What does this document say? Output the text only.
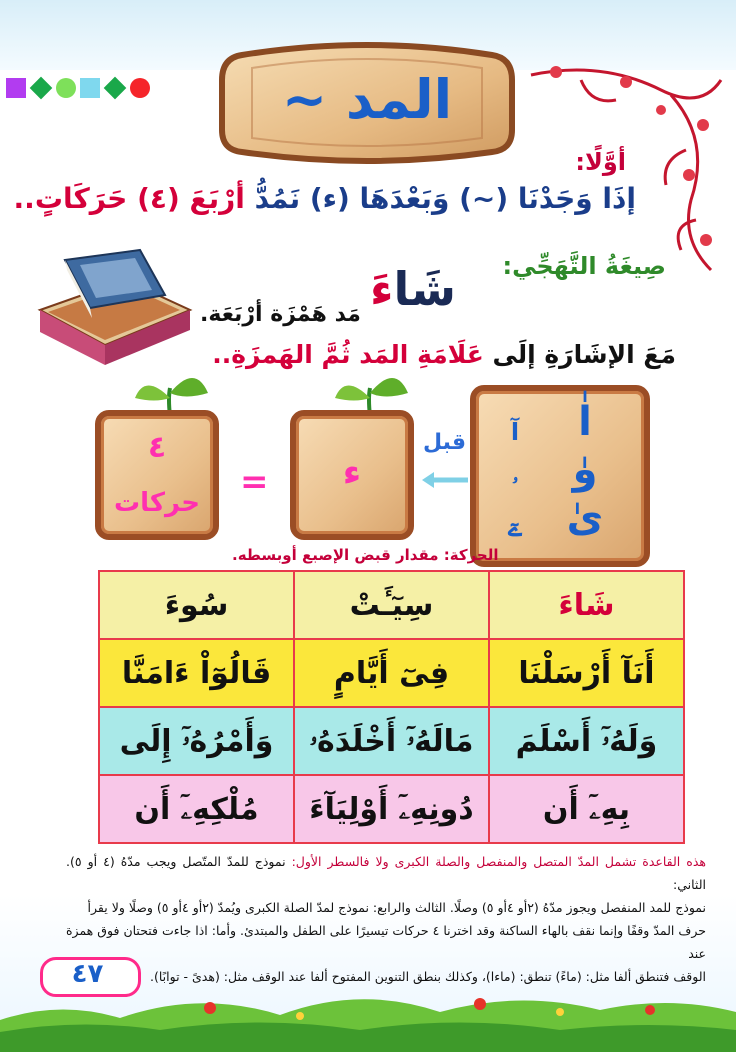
المد ~
أوَّلًا:
إذَا وَجَدْنَا (~) وَبَعْدَهَا (ء) نَمُدُّ أرْبَعَ (٤) حَرَكَاتٍ..
صِيغَةُ التَّهَجِّي:
شَاءَ
مَد هَمْزَة أرْبَعَة.
مَعَ الإشَارَةِ إلَى عَلَامَةِ المَد ثُمَّ الهَمزَةِ..
٤
حركات
=	ء
قبل	اٰ
وٰ
ىٰ
آ
ۥ
ےٓ
الحركة: مقدار قبض الإصبع أوبسطه.
شَاءَ	سِيٓـَٔتْ	سُوءَ
أَنَآ أَرْسَلْنَا	فِىٓ أَيَّامٍ	قَالُوٓاْ ءَامَنَّا
وَلَهُۥٓ أَسْلَمَ	مَالَهُۥٓ أَخْلَدَهُۥ	وَأَمْرُهُۥٓ إِلَى
بِهِۦٓ أَن	دُونِهِۦٓ أَوْلِيَآءَ	مُلْكِهِۦٓ أَن
هذه القاعدة تشمل المدّ المتصل والمنفصل والصلة الكبرى ولا فالسطر الأول: نموذج للمدّ المتّصل ويجب مدّهُ (٤ أو ٥). الثاني:
نموذج للمد المنفصل ويجوز مدّهُ (٢أو ٤أو ٥) وصلًا. الثالث والرابع: نموذج لمدّ الصلة الكبرى ويُمدّ (٢أو ٤أو ٥) وصلًا ولا يقرأ
حرف المدّ وقفًا وإنما نقف بالهاء الساكنة وقد اخترنا ٤ حركات تيسيرًا على الطفل والمبتدئ. وأما: اذا جاءت فتحتان فوق همزة عند
الوقف فتنطق ألفا مثل: (ماءً) تنطق: (ماءا)، وكذلك بنطق التنوين المفتوح ألفا عند الوقف مثل: (هدىً - توابًا).
٤٧
